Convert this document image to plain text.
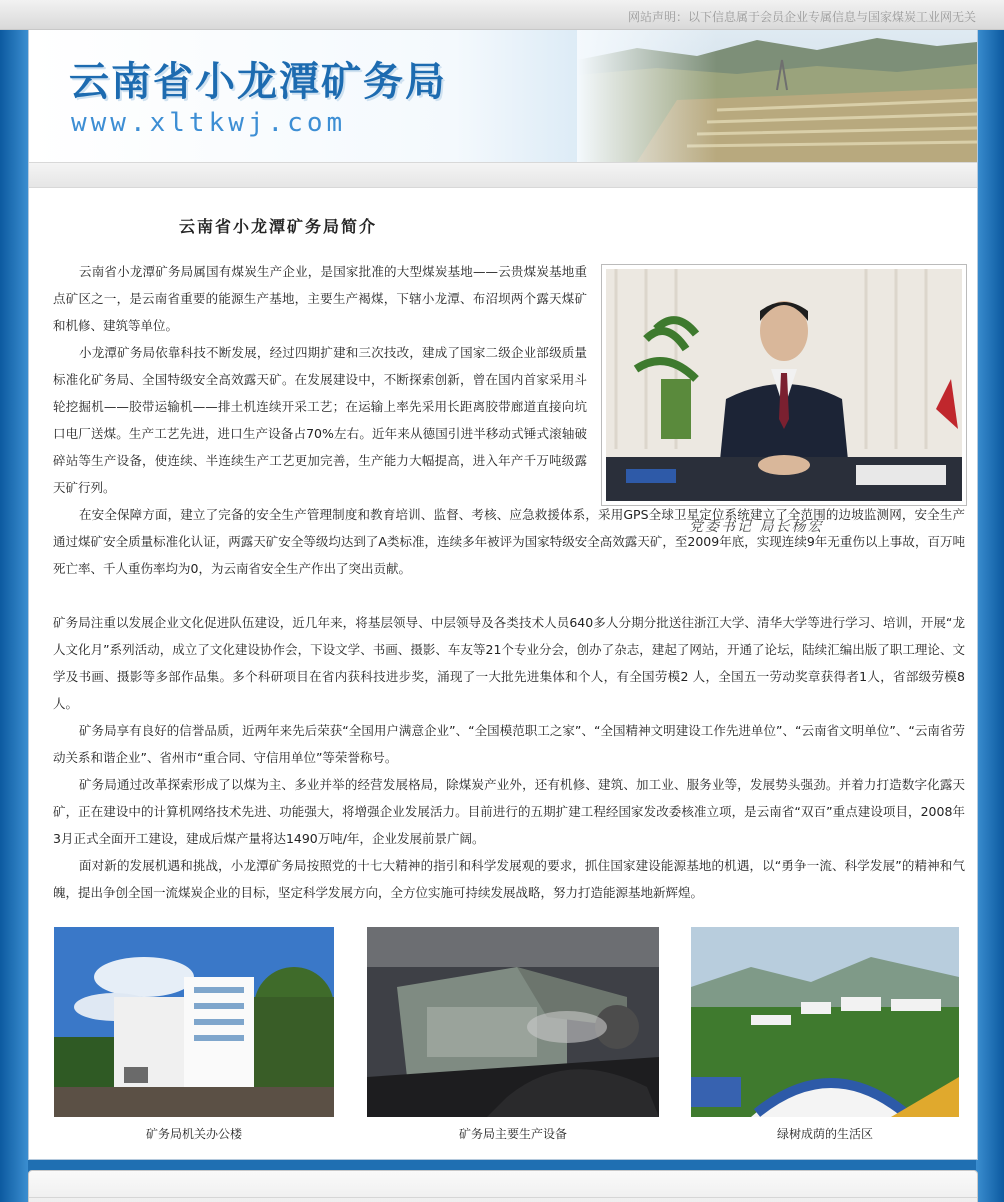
网站声明：以下信息属于会员企业专属信息与国家煤炭工业网无关
云南省小龙潭矿务局
www.xltkwj.com
云南省小龙潭矿务局简介
党委书记 局长杨宏
云南省小龙潭矿务局属国有煤炭生产企业，是国家批准的大型煤炭基地——云贵煤炭基地重点矿区之一，是云南省重要的能源生产基地，主要生产褐煤，下辖小龙潭、布沼坝两个露天煤矿和机修、建筑等单位。
小龙潭矿务局依靠科技不断发展，经过四期扩建和三次技改，建成了国家二级企业部级质量标准化矿务局、全国特级安全高效露天矿。在发展建设中，不断探索创新，曾在国内首家采用斗轮挖掘机——胶带运输机——排土机连续开采工艺；在运输上率先采用长距离胶带廊道直接向坑口电厂送煤。生产工艺先进，进口生产设备占70%左右。近年来从德国引进半移动式锤式滚轴破碎站等生产设备，使连续、半连续生产工艺更加完善，生产能力大幅提高，进入年产千万吨级露天矿行列。
在安全保障方面，建立了完备的安全生产管理制度和教育培训、监督、考核、应急救援体系，采用GPS全球卫星定位系统建立了全范围的边坡监测网，安全生产通过煤矿安全质量标准化认证，两露天矿安全等级均达到了A类标准，连续多年被评为国家特级安全高效露天矿，至2009年底，实现连续9年无重伤以上事故，百万吨死亡率、千人重伤率均为0，为云南省安全生产作出了突出贡献。
矿务局注重以发展企业文化促进队伍建设，近几年来，将基层领导、中层领导及各类技术人员640多人分期分批送往浙江大学、清华大学等进行学习、培训，开展“龙人文化月”系列活动，成立了文化建设协作会，下设文学、书画、摄影、车友等21个专业分会，创办了杂志，建起了网站，开通了论坛，陆续汇编出版了职工理论、文学及书画、摄影等多部作品集。多个科研项目在省内获科技进步奖，涌现了一大批先进集体和个人，有全国劳模2 人，全国五一劳动奖章获得者1人，省部级劳模8人。
矿务局享有良好的信誉品质，近两年来先后荣获“全国用户满意企业”、“全国模范职工之家”、“全国精神文明建设工作先进单位”、“云南省文明单位”、“云南省劳动关系和谐企业”、省州市“重合同、守信用单位”等荣誉称号。
矿务局通过改革探索形成了以煤为主、多业并举的经营发展格局，除煤炭产业外，还有机修、建筑、加工业、服务业等，发展势头强劲。并着力打造数字化露天矿，正在建设中的计算机网络技术先进、功能强大，将增强企业发展活力。目前进行的五期扩建工程经国家发改委核准立项，是云南省“双百”重点建设项目，2008年3月正式全面开工建设，建成后煤产量将达1490万吨/年，企业发展前景广阔。
面对新的发展机遇和挑战，小龙潭矿务局按照党的十七大精神的指引和科学发展观的要求，抓住国家建设能源基地的机遇，以“勇争一流、科学发展”的精神和气魄，提出争创全国一流煤炭企业的目标，坚定科学发展方向，全方位实施可持续发展战略，努力打造能源基地新辉煌。
矿务局机关办公楼	矿务局主要生产设备	绿树成荫的生活区
